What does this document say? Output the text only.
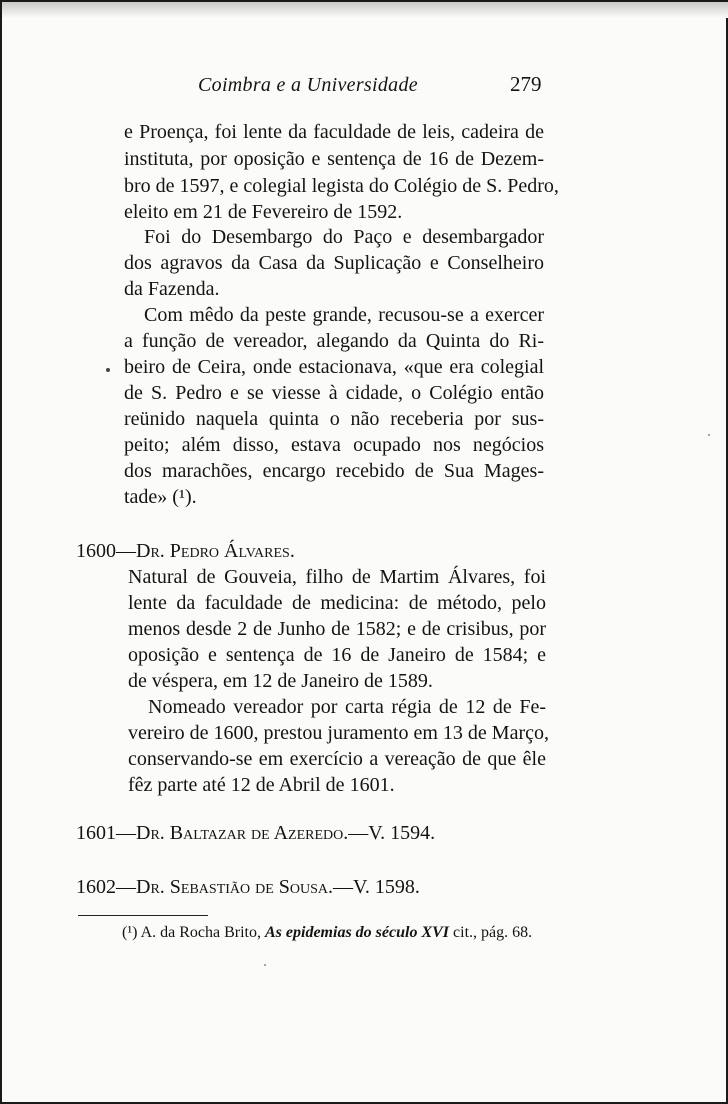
Coimbra e a Universidade	279
e Proença, foi lente da faculdade de leis, cadeira de
instituta, por oposição e sentença de 16 de Dezem-
bro de 1597, e colegial legista do Colégio de S. Pedro,
eleito em 21 de Fevereiro de 1592.
Foi do Desembargo do Paço e desembargador
dos agravos da Casa da Suplicação e Conselheiro
da Fazenda.
Com mêdo da peste grande, recusou-se a exercer
a função de vereador, alegando da Quinta do Ri-
beiro de Ceira, onde estacionava, «que era colegial
de S. Pedro e se viesse à cidade, o Colégio então
reünido naquela quinta o não receberia por sus-
peito; além disso, estava ocupado nos negócios
dos marachões, encargo recebido de Sua Mages-
tade» (¹).
1600—Dr. Pedro Álvares.
Natural de Gouveia, filho de Martim Álvares, foi
lente da faculdade de medicina: de método, pelo
menos desde 2 de Junho de 1582; e de crisibus, por
oposição e sentença de 16 de Janeiro de 1584; e
de véspera, em 12 de Janeiro de 1589.
Nomeado vereador por carta régia de 12 de Fe-
vereiro de 1600, prestou juramento em 13 de Março,
conservando-se em exercício a vereação de que êle
fêz parte até 12 de Abril de 1601.
1601—Dr. Baltazar de Azeredo.—V. 1594.
1602—Dr. Sebastião de Sousa.—V. 1598.
(¹) A. da Rocha Brito, As epidemias do século XVI cit., pág. 68.
